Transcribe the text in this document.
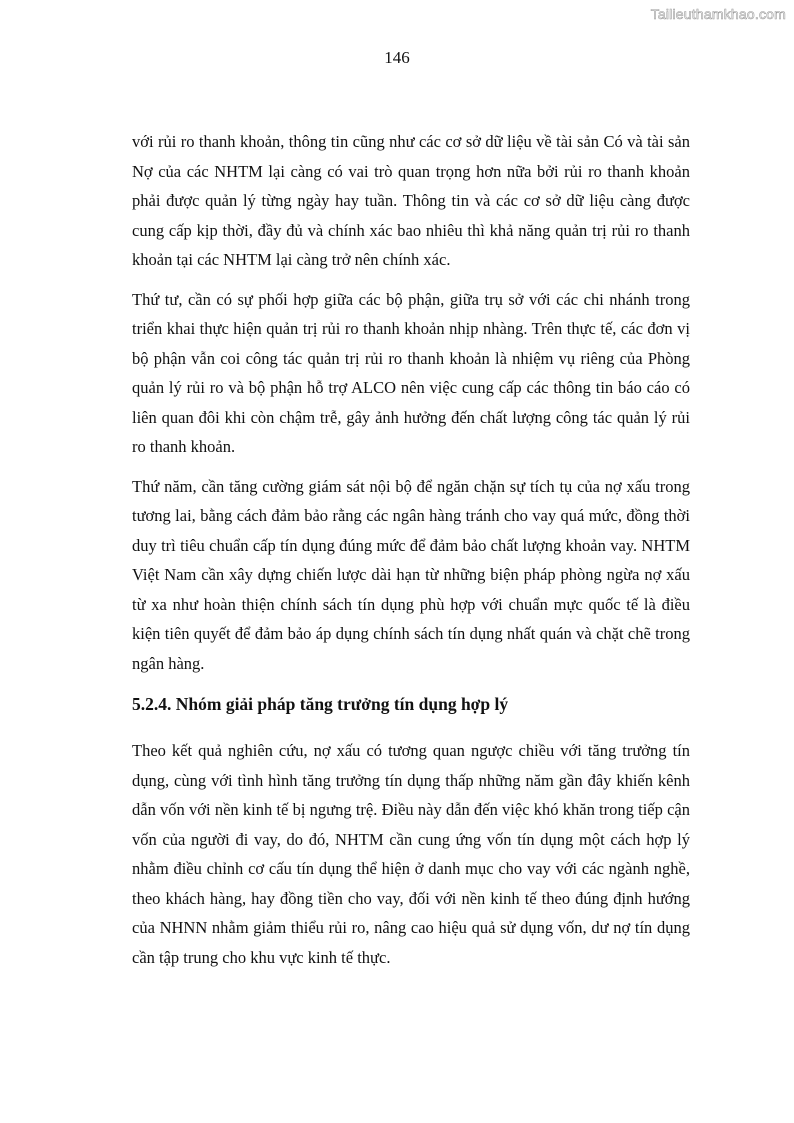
Tailieuthamkhao.com
146

với rủi ro thanh khoản, thông tin cũng như các cơ sở dữ liệu về tài sản Có và tài sản Nợ của các NHTM lại càng có vai trò quan trọng hơn nữa bởi rủi ro thanh khoản phải được quản lý từng ngày hay tuần. Thông tin và các cơ sở dữ liệu càng được cung cấp kịp thời, đầy đủ và chính xác bao nhiêu thì khả năng quản trị rủi ro thanh khoản tại các NHTM lại càng trở nên chính xác.

Thứ tư, cần có sự phối hợp giữa các bộ phận, giữa trụ sở với các chi nhánh trong triển khai thực hiện quản trị rủi ro thanh khoản nhịp nhàng. Trên thực tế, các đơn vị bộ phận vẫn coi công tác quản trị rủi ro thanh khoản là nhiệm vụ riêng của Phòng quản lý rủi ro và bộ phận hỗ trợ ALCO nên việc cung cấp các thông tin báo cáo có liên quan đôi khi còn chậm trễ, gây ảnh hưởng đến chất lượng công tác quản lý rủi ro thanh khoản.

Thứ năm, cần tăng cường giám sát nội bộ để ngăn chặn sự tích tụ của nợ xấu trong tương lai, bằng cách đảm bảo rằng các ngân hàng tránh cho vay quá mức, đồng thời duy trì tiêu chuẩn cấp tín dụng đúng mức để đảm bảo chất lượng khoản vay. NHTM Việt Nam cần xây dựng chiến lược dài hạn từ những biện pháp phòng ngừa nợ xấu từ xa như hoàn thiện chính sách tín dụng phù hợp với chuẩn mực quốc tế là điều kiện tiên quyết để đảm bảo áp dụng chính sách tín dụng nhất quán và chặt chẽ trong ngân hàng.

5.2.4. Nhóm giải pháp tăng trưởng tín dụng hợp lý

Theo kết quả nghiên cứu, nợ xấu có tương quan ngược chiều với tăng trưởng tín dụng, cùng với tình hình tăng trưởng tín dụng thấp những năm gần đây khiến kênh dẫn vốn với nền kinh tế bị ngưng trệ. Điều này dẫn đến việc khó khăn trong tiếp cận vốn của người đi vay, do đó, NHTM cần cung ứng vốn tín dụng một cách hợp lý nhằm điều chỉnh cơ cấu tín dụng thể hiện ở danh mục cho vay với các ngành nghề, theo khách hàng, hay đồng tiền cho vay, đối với nền kinh tế theo đúng định hướng của NHNN nhằm giảm thiểu rủi ro, nâng cao hiệu quả sử dụng vốn, dư nợ tín dụng cần tập trung cho khu vực kinh tế thực.
